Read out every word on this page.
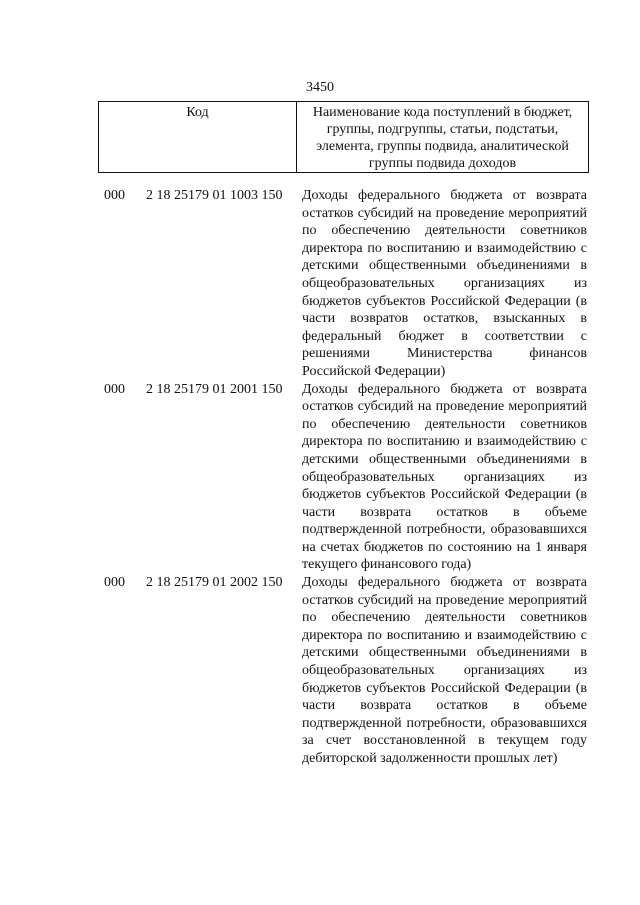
3450
Код	Наименование кода поступлений в бюджет, группы, подгруппы, статьи, подстатьи, элемента, группы подвида, аналитической группы подвида доходов
000 2 18 25179 01 1003 150 Доходы федерального бюджета от возврата остатков субсидий на проведение мероприятий по обеспечению деятельности советников директора по воспитанию и взаимодействию с детскими общественными объединениями в общеобразовательных организациях из бюджетов субъектов Российской Федерации (в части возвратов остатков, взысканных в федеральный бюджет в соответствии с решениями Министерства финансов Российской Федерации)
000 2 18 25179 01 2001 150 Доходы федерального бюджета от возврата остатков субсидий на проведение мероприятий по обеспечению деятельности советников директора по воспитанию и взаимодействию с детскими общественными объединениями в общеобразовательных организациях из бюджетов субъектов Российской Федерации (в части возврата остатков в объеме подтвержденной потребности, образовавшихся на счетах бюджетов по состоянию на 1 января текущего финансового года)
000 2 18 25179 01 2002 150 Доходы федерального бюджета от возврата остатков субсидий на проведение мероприятий по обеспечению деятельности советников директора по воспитанию и взаимодействию с детскими общественными объединениями в общеобразовательных организациях из бюджетов субъектов Российской Федерации (в части возврата остатков в объеме подтвержденной потребности, образовавшихся за счет восстановленной в текущем году дебиторской задолженности прошлых лет)
